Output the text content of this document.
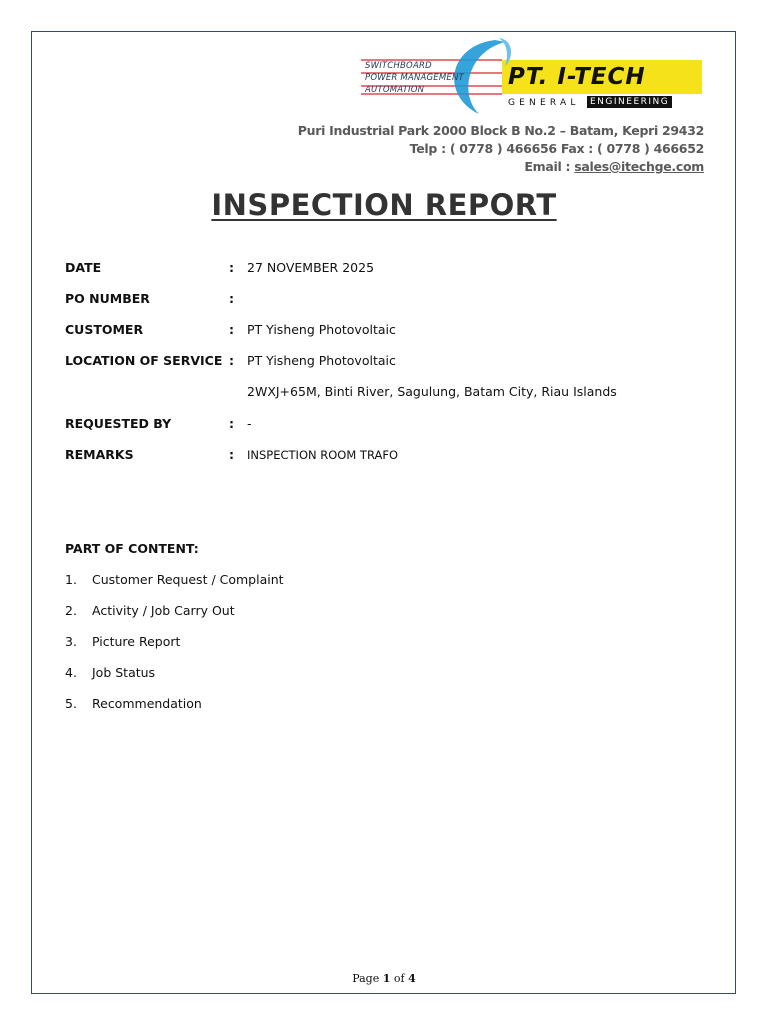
SWITCHBOARD
POWER MANAGEMENT
AUTOMATION	PT. I-TECH
GENERAL	ENGINEERING
Puri Industrial Park 2000 Block B No.2 – Batam, Kepri 29432
Telp : ( 0778 ) 466656 Fax : ( 0778 ) 466652
Email : sales@itechge.com
INSPECTION REPORT
DATE	: 27 NOVEMBER 2025
PO NUMBER	:
CUSTOMER	: PT Yisheng Photovoltaic
LOCATION OF SERVICE : PT Yisheng Photovoltaic
2WXJ+65M, Binti River, Sagulung, Batam City, Riau Islands
REQUESTED BY	: -
REMARKS	: INSPECTION ROOM TRAFO
PART OF CONTENT:
1. Customer Request / Complaint
2. Activity / Job Carry Out
3. Picture Report
4. Job Status
5. Recommendation
Page 1 of 4
